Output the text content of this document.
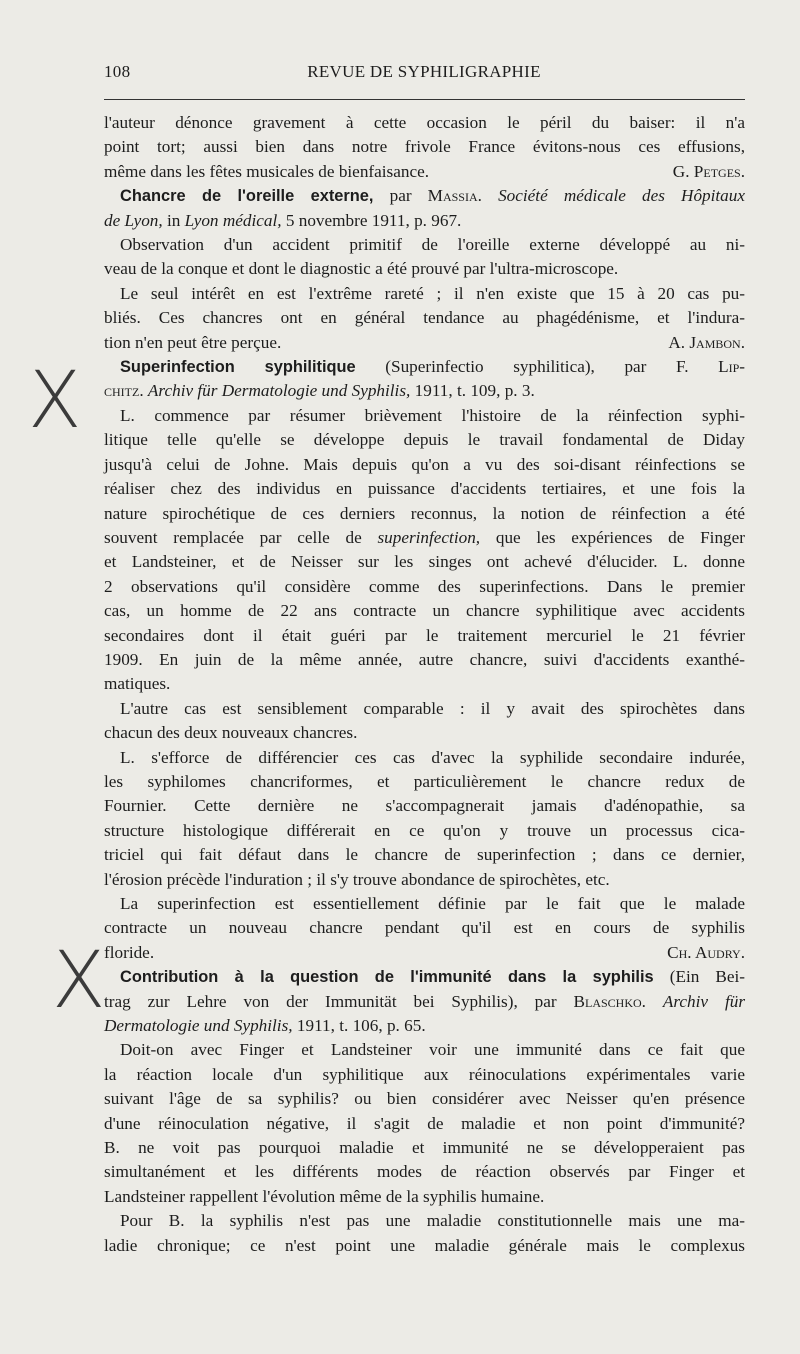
108	REVUE DE SYPHILIGRAPHIE
X
X

l'auteur dénonce gravement à cette occasion le péril du baiser: il n'a

point tort; aussi bien dans notre frivole France évitons-nous ces effusions,

G. Petges.
même dans les fêtes musicales de bienfaisance.

Chancre de l'oreille externe, par Massia. Société médicale des Hôpitaux

de Lyon, in Lyon médical, 5 novembre 1911, p. 967.

Observation d'un accident primitif de l'oreille externe développé au ni-

veau de la conque et dont le diagnostic a été prouvé par l'ultra-microscope.

Le seul intérêt en est l'extrême rareté ; il n'en existe que 15 à 20 cas pu-

bliés. Ces chancres ont en général tendance au phagédénisme, et l'indura-

A. Jambon.
tion n'en peut être perçue.

Superinfection syphilitique (Superinfectio syphilitica), par F. Lip-

chitz. Archiv für Dermatologie und Syphilis, 1911, t. 109, p. 3.

L. commence par résumer brièvement l'histoire de la réinfection syphi-

litique telle qu'elle se développe depuis le travail fondamental de Diday

jusqu'à celui de Johne. Mais depuis qu'on a vu des soi-disant réinfections se

réaliser chez des individus en puissance d'accidents tertiaires, et une fois la

nature spirochétique de ces derniers reconnus, la notion de réinfection a été

souvent remplacée par celle de superinfection, que les expériences de Finger

et Landsteiner, et de Neisser sur les singes ont achevé d'élucider. L. donne

2 observations qu'il considère comme des superinfections. Dans le premier

cas, un homme de 22 ans contracte un chancre syphilitique avec accidents

secondaires dont il était guéri par le traitement mercuriel le 21 février

1909. En juin de la même année, autre chancre, suivi d'accidents exanthé-

matiques.

L'autre cas est sensiblement comparable : il y avait des spirochètes dans

chacun des deux nouveaux chancres.

L. s'efforce de différencier ces cas d'avec la syphilide secondaire indurée,

les syphilomes chancriformes, et particulièrement le chancre redux de

Fournier. Cette dernière ne s'accompagnerait jamais d'adénopathie, sa

structure histologique différerait en ce qu'on y trouve un processus cica-

triciel qui fait défaut dans le chancre de superinfection ; dans ce dernier,

l'érosion précède l'induration ; il s'y trouve abondance de spirochètes, etc.

La superinfection est essentiellement définie par le fait que le malade

contracte un nouveau chancre pendant qu'il est en cours de syphilis

Ch. Audry.
floride.

Contribution à la question de l'immunité dans la syphilis (Ein Bei-

trag zur Lehre von der Immunität bei Syphilis), par Blaschko. Archiv für

Dermatologie und Syphilis, 1911, t. 106, p. 65.

Doit-on avec Finger et Landsteiner voir une immunité dans ce fait que

la réaction locale d'un syphilitique aux réinoculations expérimentales varie

suivant l'âge de sa syphilis? ou bien considérer avec Neisser qu'en présence

d'une réinoculation négative, il s'agit de maladie et non point d'immunité?

B. ne voit pas pourquoi maladie et immunité ne se développeraient pas

simultanément et les différents modes de réaction observés par Finger et

Landsteiner rappellent l'évolution même de la syphilis humaine.

Pour B. la syphilis n'est pas une maladie constitutionnelle mais une ma-

ladie chronique; ce n'est point une maladie générale mais le complexus
